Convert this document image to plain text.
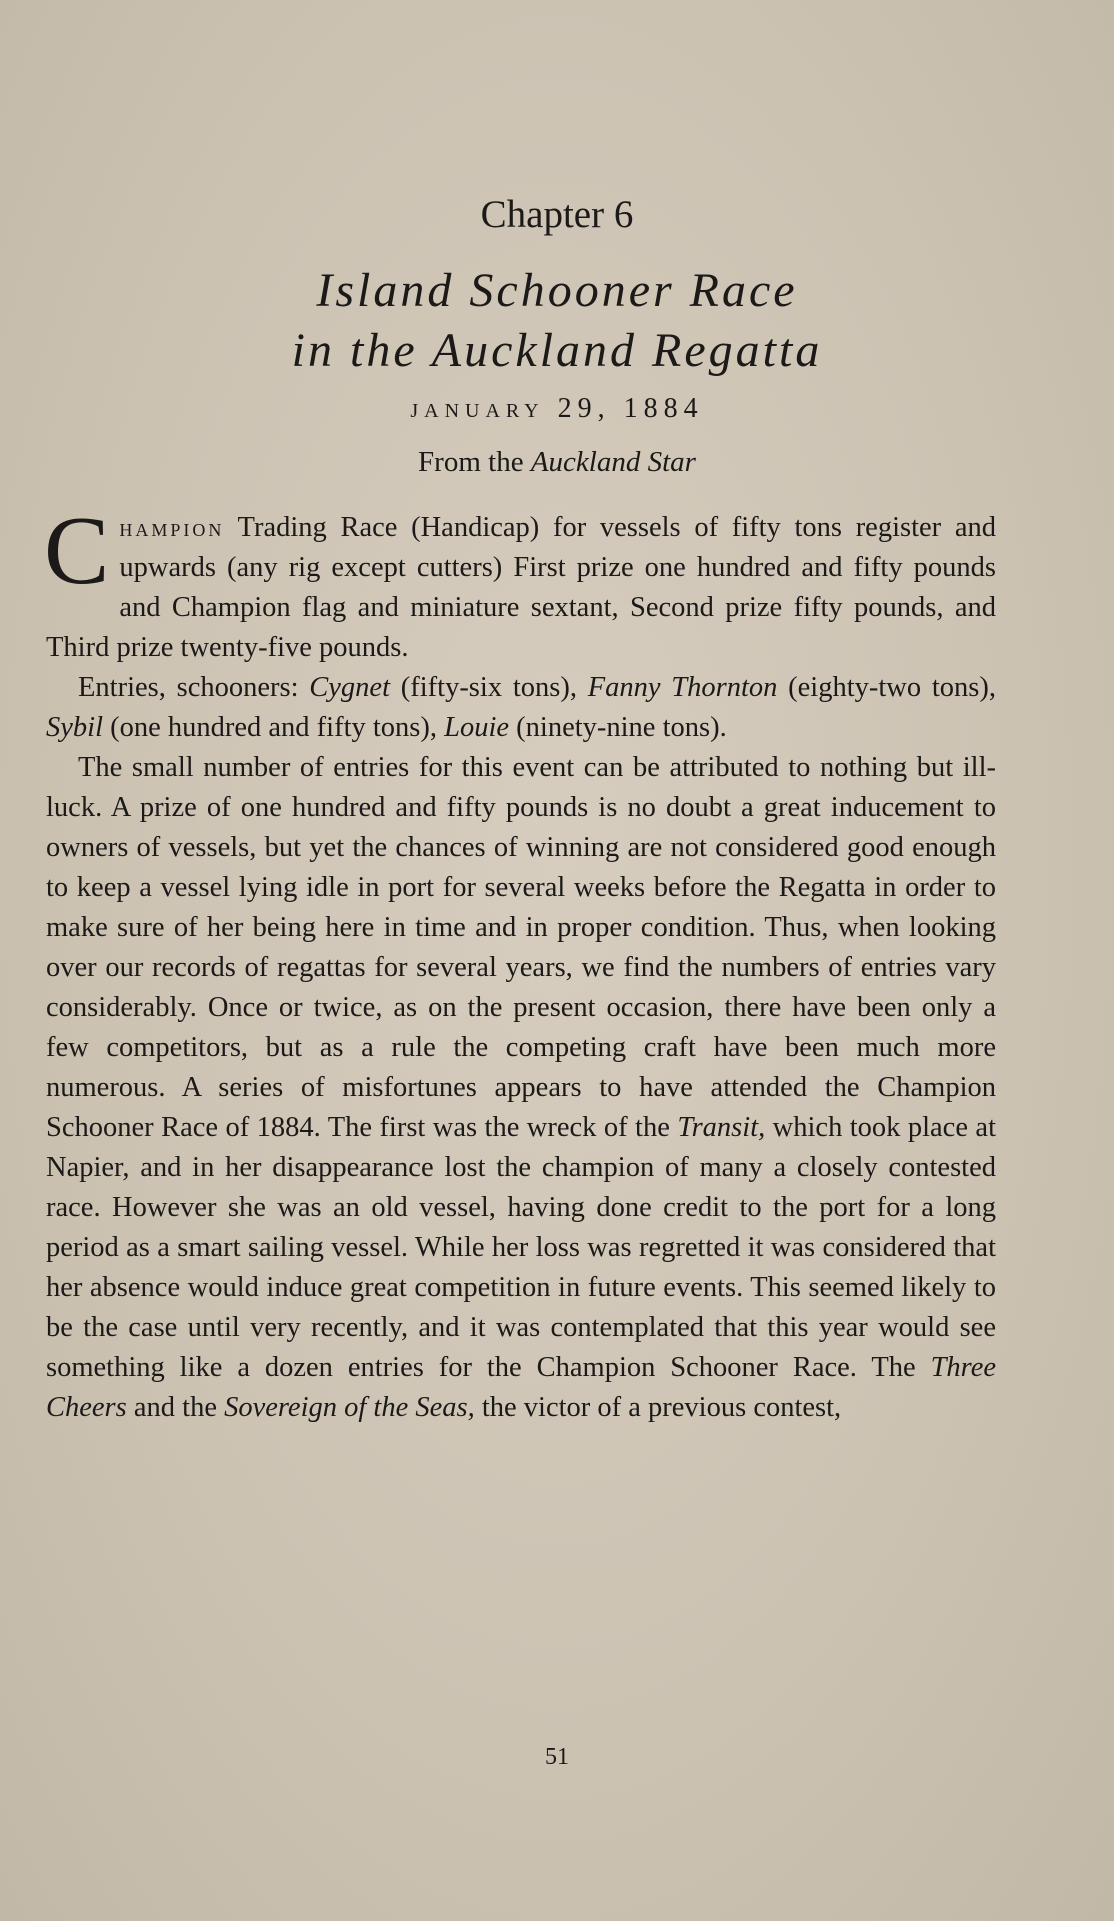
Chapter 6
Island Schooner Race
in the Auckland Regatta
january 29, 1884
From the Auckland Star

Champion Trading Race (Handicap) for vessels of fifty tons register and upwards (any rig except cutters) First prize one hundred and fifty pounds and Champion flag and miniature sextant, Second prize fifty pounds, and Third prize twenty-five pounds.

Entries, schooners: Cygnet (fifty-six tons), Fanny Thornton (eighty-two tons), Sybil (one hundred and fifty tons), Louie (ninety-nine tons).

The small number of entries for this event can be attributed to nothing but ill-luck. A prize of one hundred and fifty pounds is no doubt a great inducement to owners of vessels, but yet the chances of winning are not considered good enough to keep a vessel lying idle in port for several weeks before the Regatta in order to make sure of her being here in time and in proper condition. Thus, when looking over our records of regattas for several years, we find the numbers of entries vary considerably. Once or twice, as on the present occasion, there have been only a few competitors, but as a rule the competing craft have been much more numerous. A series of misfortunes appears to have attended the Champion Schooner Race of 1884. The first was the wreck of the Transit, which took place at Napier, and in her disappearance lost the champion of many a closely contested race. However she was an old vessel, having done credit to the port for a long period as a smart sailing vessel. While her loss was regretted it was considered that her absence would induce great competition in future events. This seemed likely to be the case until very recently, and it was contemplated that this year would see something like a dozen entries for the Champion Schooner Race. The Three Cheers and the Sovereign of the Seas, the victor of a previous contest,

51
